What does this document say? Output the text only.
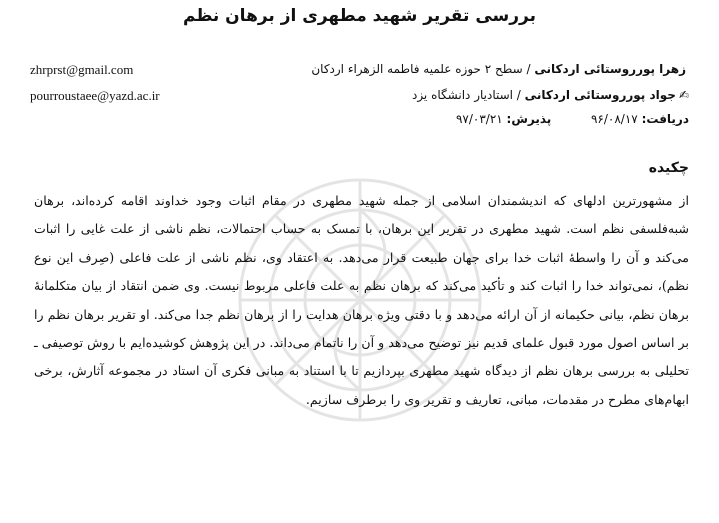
بررسی تقریر شهید مطهری از برهان نظم
زهرا پورروستائی اردکانی / سطح ۲ حوزه علمیه فاطمه الزهراء اردکان
zhrprst@gmail.com
✍جواد پورروستائی اردکانی / استادیار دانشگاه یزد
pourroustaee@yazd.ac.ir
دریافت: ۹۶/۰۸/۱۷  پذیرش: ۹۷/۰۳/۲۱
چکیده

از مشهورترین ادلهای که اندیشمندان اسلامی از جمله شهید مطهری در مقام اثبات وجود خداوند اقامه کرده‌اند، برهان شبه‌فلسفی نظم است. شهید مطهری در تقریر این برهان، با تمسک به حساب احتمالات، نظم ناشی از علت غایی را اثبات می‌کند و آن را واسطهٔ اثبات خدا برای جهان طبیعت قرار می‌دهد. به اعتقاد وی، نظم ناشی از علت فاعلی (صِرف این نوع نظم)، نمی‌تواند خدا را اثبات کند و تأکید می‌کند که برهان نظم به علت فاعلی مربوط نیست. وی ضمن انتقاد از بیان متکلمانهٔ برهان نظم، بیانی حکیمانه از آن ارائه می‌دهد و با دقتی ویژه برهان هدایت را از برهان نظم جدا می‌کند. او تقریر برهان نظم را بر اساس اصول مورد قبول علمای قدیم نیز توضیح می‌دهد و آن را ناتمام می‌داند. در این پژوهش کوشیده‌ایم با روش توصیفی ـ تحلیلی به بررسی برهان نظم از دیدگاه شهید مطهری بپردازیم تا با استناد به مبانی فکری آن استاد در مجموعه آثارش، برخی ابهام‌های مطرح در مقدمات، مبانی، تعاریف و تقریر وی را برطرف سازیم.
